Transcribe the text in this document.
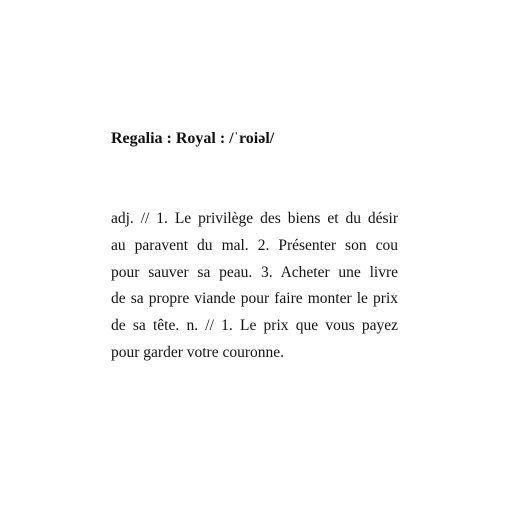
Regalia : Royal : /ˈroiəl/
adj. // 1. Le privilège des biens et du désir
au paravent du mal. 2. Présenter son cou
pour sauver sa peau. 3. Acheter une livre
de sa propre viande pour faire monter le prix
de sa tête. n. // 1. Le prix que vous payez
pour garder votre couronne.
